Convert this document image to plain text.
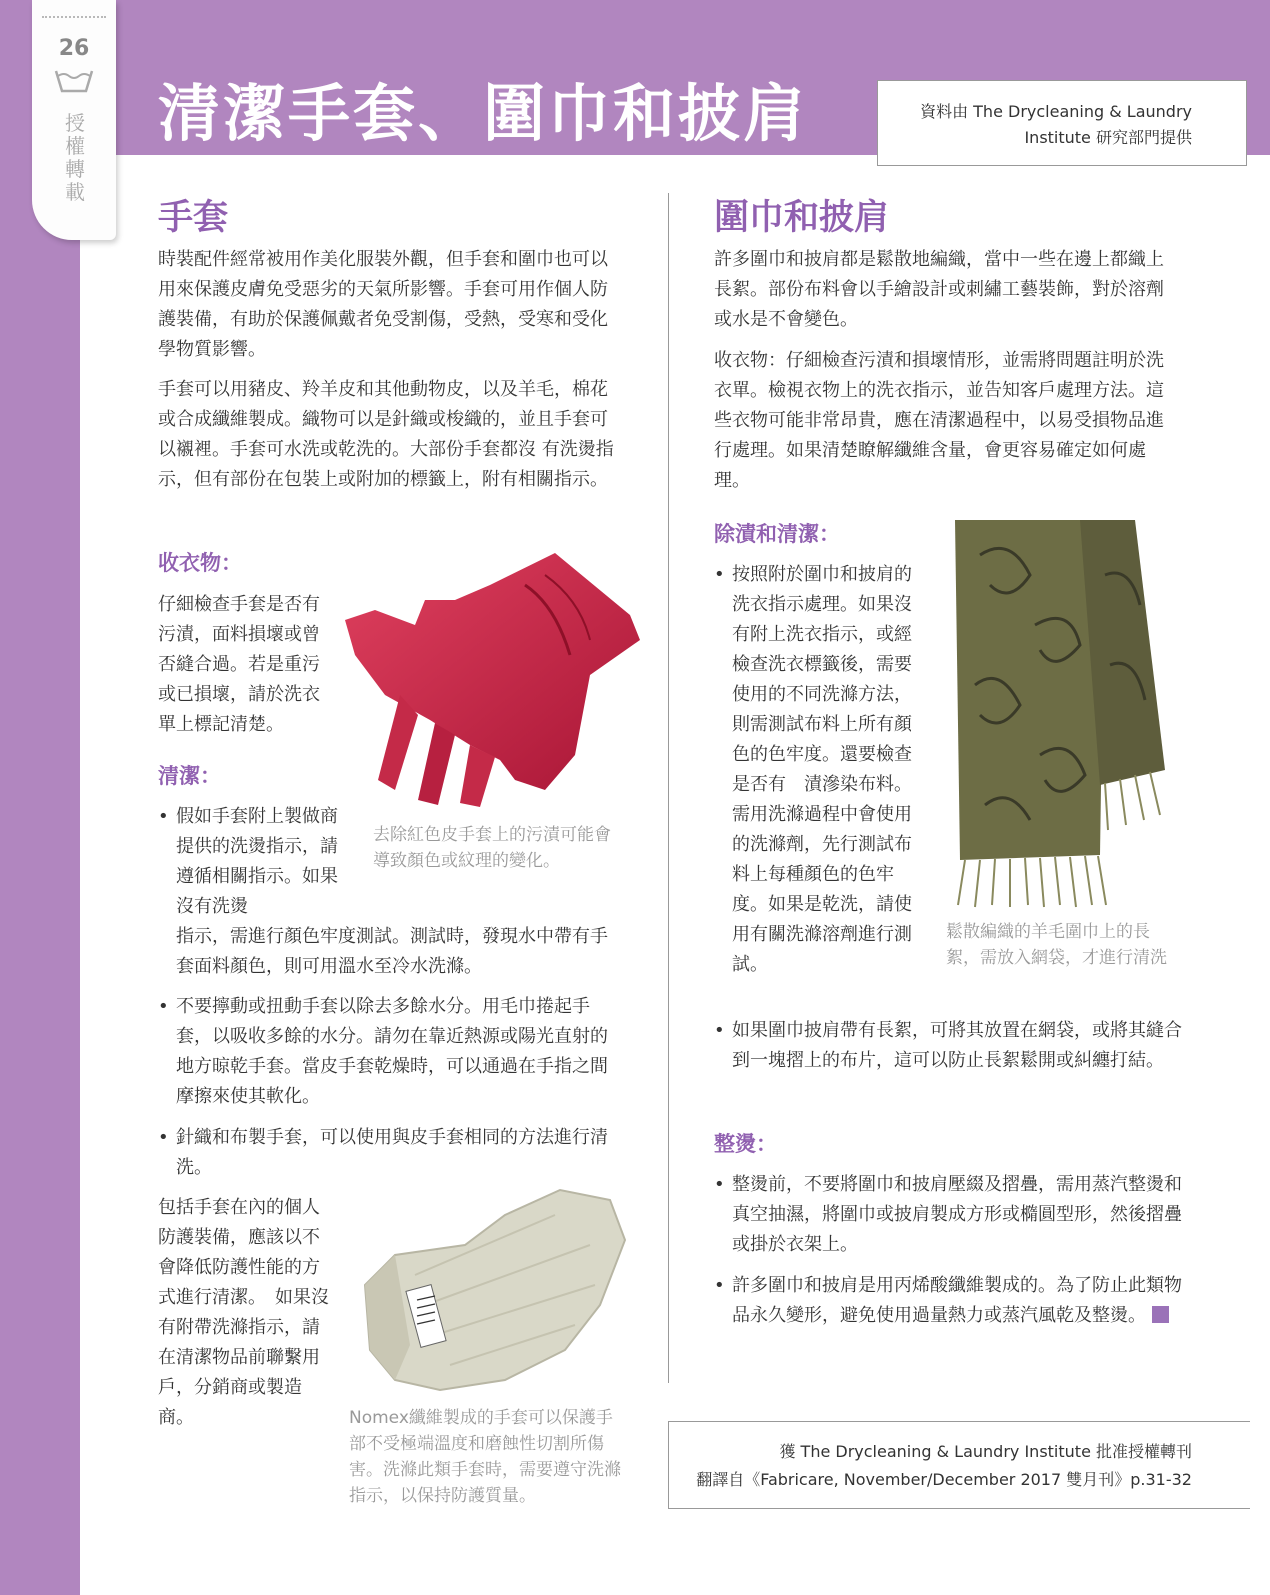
26
授權轉載
清潔手套、圍巾和披肩	資料由 The Drycleaning & Laundry
Institute 研究部門提供
手套

時裝配件經常被用作美化服裝外觀，但手套和圍巾也可以用來保護皮膚免受惡劣的天氣所影響。手套可用作個人防護裝備，有助於保護佩戴者免受割傷，受熱，受寒和受化學物質影響。

手套可以用豬皮、羚羊皮和其他動物皮，以及羊毛，棉花或合成纖維製成。織物可以是針織或梭織的，並且手套可以襯裡。手套可水洗或乾洗的。大部份手套都沒 有洗燙指示，但有部份在包裝上或附加的標籤上，附有相關指示。

收衣物：

仔細檢查手套是否有污漬，面料損壞或曾否縫合過。若是重污或已損壞，請於洗衣單上標記清楚。

去除紅色皮手套上的污漬可能會導致顏色或紋理的變化。

清潔：

• 假如手套附上製做商提供的洗燙指示，請遵循相關指示。如果沒有洗燙

指示，需進行顏色牢度測試。測試時，發現水中帶有手套面料顏色，則可用溫水至冷水洗滌。

• 不要擰動或扭動手套以除去多餘水分。用毛巾捲起手套，以吸收多餘的水分。請勿在靠近熱源或陽光直射的地方晾乾手套。當皮手套乾燥時，可以通過在手指之間摩擦來使其軟化。

• 針織和布製手套，可以使用與皮手套相同的方法進行清洗。

包括手套在內的個人防護裝備，應該以不會降低防護性能的方式進行清潔。　如果沒有附帶洗滌指示，請在清潔物品前聯繫用戶，分銷商或製造商。	Nomex纖維製成的手套可以保護手部不受極端溫度和磨蝕性切割所傷害。洗滌此類手套時，需要遵守洗滌指示，以保持防護質量。

圍巾和披肩

許多圍巾和披肩都是鬆散地編織，當中一些在邊上都織上長絮。部份布料會以手繪設計或刺繡工藝裝飾，對於溶劑或水是不會變色。

收衣物：仔細檢查污漬和損壞情形，並需將問題註明於洗衣單。檢視衣物上的洗衣指示，並告知客戶處理方法。這些衣物可能非常昂貴，應在清潔過程中，以易受損物品進行處理。如果清楚瞭解纖維含量，會更容易確定如何處理。

除漬和清潔：

• 按照附於圍巾和披肩的洗衣指示處理。如果沒有附上洗衣指示，或經檢查洗衣標籤後，需要使用的不同洗滌方法，則需測試布料上所有顏色的色牢度。還要檢查是否有　漬滲染布料。需用洗滌過程中會使用的洗滌劑，先行測試布料上每種顏色的色牢度。如果是乾洗，請使用有關洗滌溶劑進行測試。

鬆散編織的羊毛圍巾上的長絮，需放入網袋，才進行清洗

• 如果圍巾披肩帶有長絮，可將其放置在網袋，或將其縫合到一塊摺上的布片，這可以防止長絮鬆開或糾纏打結。

整燙：

• 整燙前，不要將圍巾和披肩壓綴及摺疊，需用蒸汽整燙和真空抽濕，將圍巾或披肩製成方形或橢圓型形，然後摺疊或掛於衣架上。

• 許多圍巾和披肩是用丙烯酸纖維製成的。為了防止此類物品永久變形，避免使用過量熱力或蒸汽風乾及整燙。

獲 The Drycleaning & Laundry Institute 批准授權轉刊
翻譯自《Fabricare, November/December 2017 雙月刊》p.31-32
